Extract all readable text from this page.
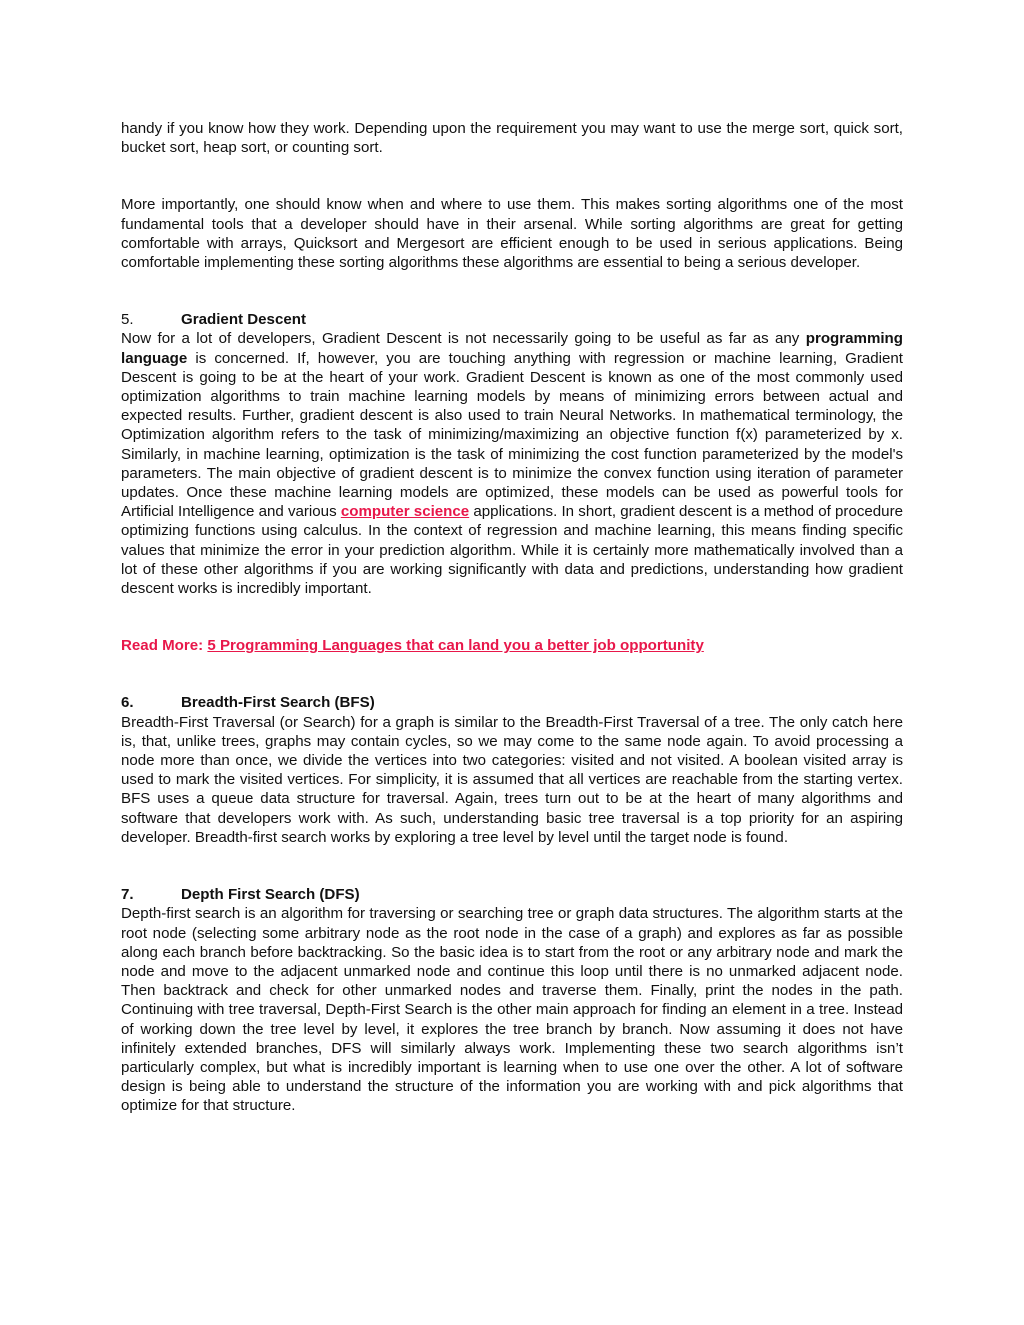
handy if you know how they work. Depending upon the requirement you may want to use the merge sort, quick sort, bucket sort, heap sort, or counting sort.

More importantly, one should know when and where to use them. This makes sorting algorithms one of the most fundamental tools that a developer should have in their arsenal. While sorting algorithms are great for getting comfortable with arrays, Quicksort and Mergesort are efficient enough to be used in serious applications. Being comfortable implementing these sorting algorithms these algorithms are essential to being a serious developer.

5.	Gradient Descent

Now for a lot of developers, Gradient Descent is not necessarily going to be useful as far as any programming language is concerned. If, however, you are touching anything with regression or machine learning, Gradient Descent is going to be at the heart of your work. Gradient Descent is known as one of the most commonly used optimization algorithms to train machine learning models by means of minimizing errors between actual and expected results. Further, gradient descent is also used to train Neural Networks. In mathematical terminology, the Optimization algorithm refers to the task of minimizing/maximizing an objective function f(x) parameterized by x. Similarly, in machine learning, optimization is the task of minimizing the cost function parameterized by the model's parameters. The main objective of gradient descent is to minimize the convex function using iteration of parameter updates. Once these machine learning models are optimized, these models can be used as powerful tools for Artificial Intelligence and various computer science applications. In short, gradient descent is a method of procedure optimizing functions using calculus. In the context of regression and machine learning, this means finding specific values that minimize the error in your prediction algorithm. While it is certainly more mathematically involved than a lot of these other algorithms if you are working significantly with data and predictions, understanding how gradient descent works is incredibly important.

Read More: 5 Programming Languages that can land you a better job opportunity

6.	Breadth-First Search (BFS)

Breadth-First Traversal (or Search) for a graph is similar to the Breadth-First Traversal of a tree. The only catch here is, that, unlike trees, graphs may contain cycles, so we may come to the same node again. To avoid processing a node more than once, we divide the vertices into two categories: visited and not visited. A boolean visited array is used to mark the visited vertices. For simplicity, it is assumed that all vertices are reachable from the starting vertex. BFS uses a queue data structure for traversal. Again, trees turn out to be at the heart of many algorithms and software that developers work with. As such, understanding basic tree traversal is a top priority for an aspiring developer. Breadth-first search works by exploring a tree level by level until the target node is found.

7.	Depth First Search (DFS)

Depth-first search is an algorithm for traversing or searching tree or graph data structures. The algorithm starts at the root node (selecting some arbitrary node as the root node in the case of a graph) and explores as far as possible along each branch before backtracking. So the basic idea is to start from the root or any arbitrary node and mark the node and move to the adjacent unmarked node and continue this loop until there is no unmarked adjacent node. Then backtrack and check for other unmarked nodes and traverse them. Finally, print the nodes in the path. Continuing with tree traversal, Depth-First Search is the other main approach for finding an element in a tree. Instead of working down the tree level by level, it explores the tree branch by branch. Now assuming it does not have infinitely extended branches, DFS will similarly always work. Implementing these two search algorithms isn’t particularly complex, but what is incredibly important is learning when to use one over the other. A lot of software design is being able to understand the structure of the information you are working with and pick algorithms that optimize for that structure.
